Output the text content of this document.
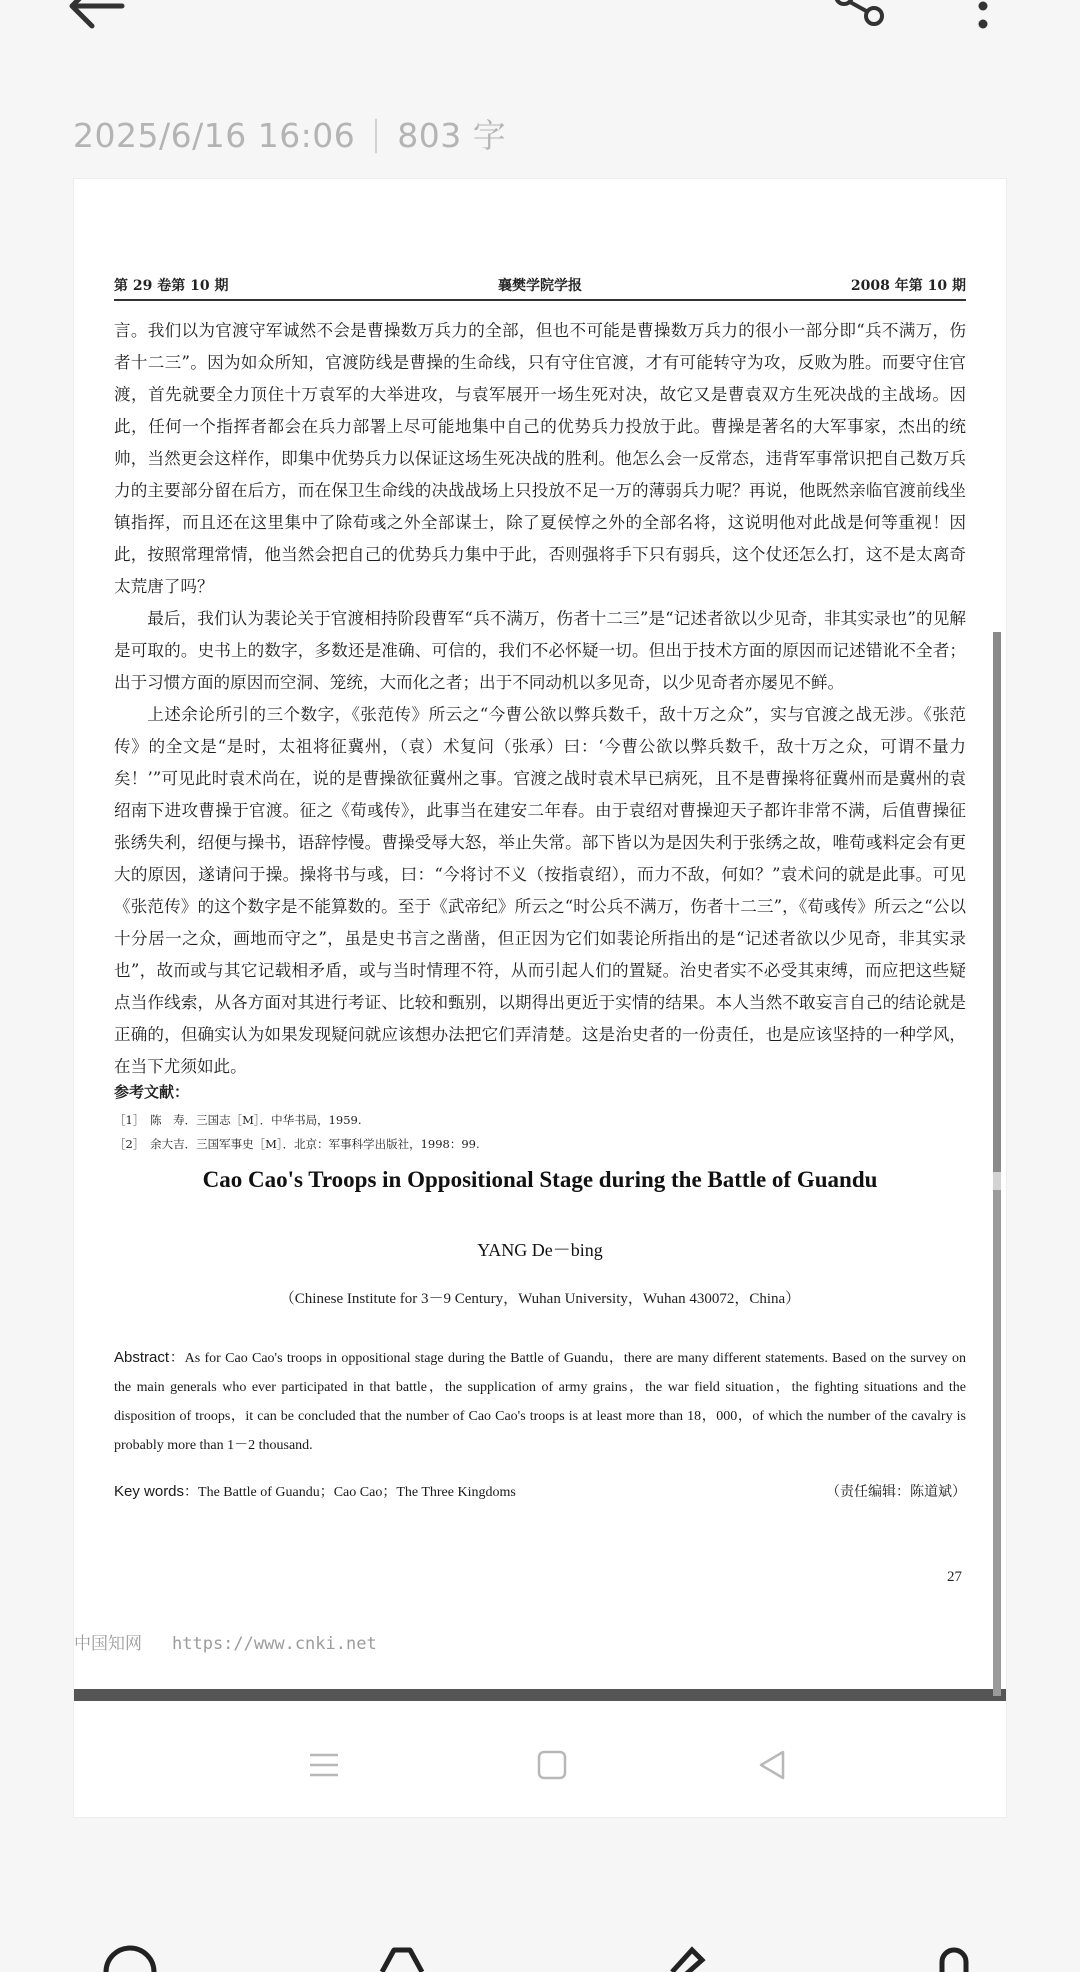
2025/6/16 16:06 803 字
第 29 卷第 10 期	襄樊学院学报	2008 年第 10 期

言。我们以为官渡守军诚然不会是曹操数万兵力的全部，但也不可能是曹操数万兵力的很小一部分即“兵不满万，伤者十二三”。因为如众所知，官渡防线是曹操的生命线，只有守住官渡，才有可能转守为攻，反败为胜。而要守住官渡，首先就要全力顶住十万袁军的大举进攻，与袁军展开一场生死对决，故它又是曹袁双方生死决战的主战场。因此，任何一个指挥者都会在兵力部署上尽可能地集中自己的优势兵力投放于此。曹操是著名的大军事家，杰出的统帅，当然更会这样作，即集中优势兵力以保证这场生死决战的胜利。他怎么会一反常态，违背军事常识把自己数万兵力的主要部分留在后方，而在保卫生命线的决战战场上只投放不足一万的薄弱兵力呢？再说，他既然亲临官渡前线坐镇指挥，而且还在这里集中了除荀彧之外全部谋士，除了夏侯惇之外的全部名将，这说明他对此战是何等重视！因此，按照常理常情，他当然会把自己的优势兵力集中于此，否则强将手下只有弱兵，这个仗还怎么打，这不是太离奇太荒唐了吗？

最后，我们认为裴论关于官渡相持阶段曹军“兵不满万，伤者十二三”是“记述者欲以少见奇，非其实录也”的见解是可取的。史书上的数字，多数还是准确、可信的，我们不必怀疑一切。但出于技术方面的原因而记述错讹不全者；出于习惯方面的原因而空洞、笼统，大而化之者；出于不同动机以多见奇，以少见奇者亦屡见不鲜。

上述余论所引的三个数字，《张范传》所云之“今曹公欲以弊兵数千，敌十万之众”，实与官渡之战无涉。《张范传》的全文是“是时，太祖将征冀州，（袁）术复问（张承）曰：‘今曹公欲以弊兵数千，敌十万之众，可谓不量力矣！’”可见此时袁术尚在，说的是曹操欲征冀州之事。官渡之战时袁术早已病死，且不是曹操将征冀州而是冀州的袁绍南下进攻曹操于官渡。征之《荀彧传》，此事当在建安二年春。由于袁绍对曹操迎天子都许非常不满，后值曹操征张绣失利，绍便与操书，语辞悖慢。曹操受辱大怒，举止失常。部下皆以为是因失利于张绣之故，唯荀彧料定会有更大的原因，遂请问于操。操将书与彧，曰：“今将讨不义（按指袁绍），而力不敌，何如？”袁术问的就是此事。可见《张范传》的这个数字是不能算数的。至于《武帝纪》所云之“时公兵不满万，伤者十二三”，《荀彧传》所云之“公以十分居一之众，画地而守之”，虽是史书言之凿凿，但正因为它们如裴论所指出的是“记述者欲以少见奇，非其实录也”，故而或与其它记载相矛盾，或与当时情理不符，从而引起人们的置疑。治史者实不必受其束缚，而应把这些疑点当作线索，从各方面对其进行考证、比较和甄别，以期得出更近于实情的结果。本人当然不敢妄言自己的结论就是正确的，但确实认为如果发现疑问就应该想办法把它们弄清楚。这是治史者的一份责任，也是应该坚持的一种学风，在当下尤须如此。

参考文献：
［1］　陈　寿．三国志［M］．中华书局，1959.
［2］　余大吉．三国军事史［M］．北京：军事科学出版社，1998：99.
Cao Cao's Troops in Oppositional Stage during the Battle of Guandu
YANG De－bing
（Chinese Institute for 3－9 Century，Wuhan University，Wuhan 430072，China）
Abstract：As for Cao Cao's troops in oppositional stage during the Battle of Guandu，there are many different statements. Based on the survey on the main generals who ever participated in that battle，the supplication of army grains，the war field situation，the fighting situations and the disposition of troops，it can be concluded that the number of Cao Cao's troops is at least more than 18，000，of which the number of the cavalry is probably more than 1－2 thousand.
Key words：The Battle of Guandu；Cao Cao；The Three Kingdoms	（责任编辑：陈道斌）
27
中国知网 https://www.cnki.net
